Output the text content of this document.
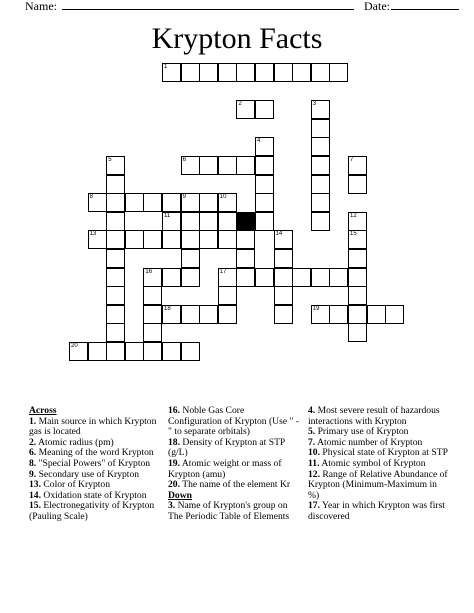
Name:	Date:
Krypton Facts
1
2	3
4
5	6	7
8	9	10
11	12
15
13	14
16	17
18	19
20
Across
1. Main source in which Krypton gas is located
2. Atomic radius (pm)
6. Meaning of the word Krypton
8. "Special Powers" of Krypton
9. Secondary use of Krypton
13. Color of Krypton
14. Oxidation state of Krypton
15. Electronegativity of Krypton (Pauling Scale)
16. Noble Gas Core Configuration of Krypton (Use " - " to separate orbitals)
18. Density of Krypton at STP (g/L)
19. Atomic weight or mass of Krypton (amu)
20. The name of the element Kr
Down
3. Name of Krypton's group on The Periodic Table of Elements
4. Most severe result of hazardous interactions with Krypton
5. Primary use of Krypton
7. Atomic number of Krypton
10. Physical state of Krypton at STP
11. Atomic symbol of Krypton
12. Range of Relative Abundance of Krypton (Minimum-Maximum in %)
17. Year in which Krypton was first discovered
